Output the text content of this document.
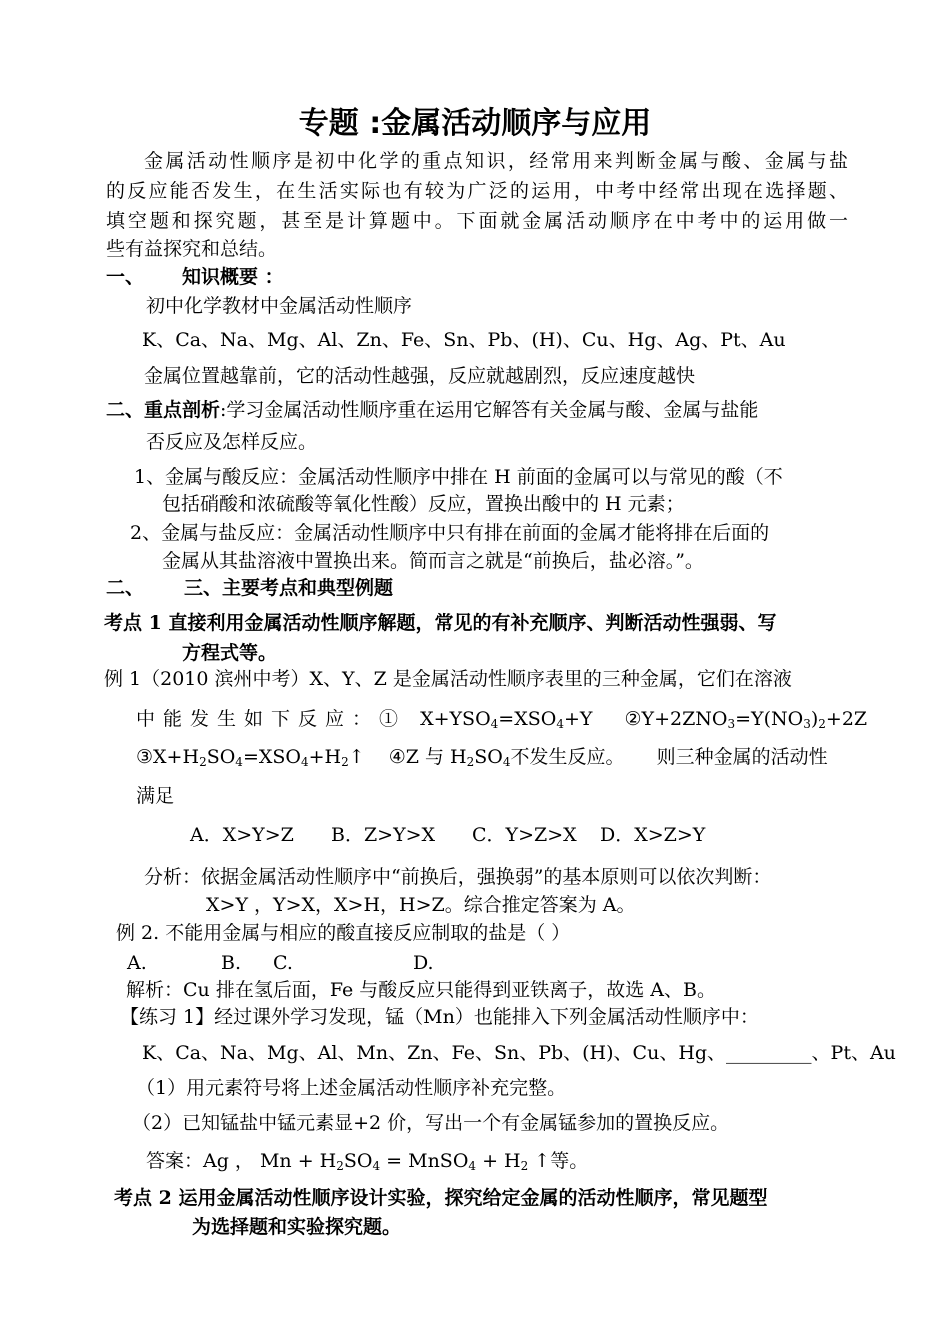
专题 :金属活动顺序与应用
金属活动性顺序是初中化学的重点知识，经常用来判断金属与酸、金属与盐
的反应能否发生，在生活实际也有较为广泛的运用，中考中经常出现在选择题、
填空题和探究题，甚至是计算题中。下面就金属活动顺序在中考中的运用做一
些有益探究和总结。
一、 知识概要 ：
初中化学教材中金属活动性顺序
K、Ca、Na、Mg、Al、Zn、Fe、Sn、Pb、(H)、Cu、Hg、Ag、Pt、Au
金属位置越靠前，它的活动性越强，反应就越剧烈，反应速度越快
二、重点剖析:学习金属活动性顺序重在运用它解答有关金属与酸、金属与盐能
否反应及怎样反应。
1、金属与酸反应：金属活动性顺序中排在 H 前面的金属可以与常见的酸（不
包括硝酸和浓硫酸等氧化性酸）反应，置换出酸中的 H 元素；
2、金属与盐反应：金属活动性顺序中只有排在前面的金属才能将排在后面的
金属从其盐溶液中置换出来。简而言之就是“前换后，盐必溶。”。
二、 三、主要考点和典型例题
考点 1 直接利用金属活动性顺序解题，常见的有补充顺序、判断活动性强弱、写
方程式等。
例 1（2010 滨州中考）X、Y、Z 是金属活动性顺序表里的三种金属，它们在溶液
中能发生如下反应：① $X+YSO_4=XSO_4+Y$ $②Y+2ZNO_3=Y(NO_3)_2+2Z$
$③X+H_2SO_4=XSO_4+H_2↑$ ④Z 与 $H_2SO_4$不发生反应。 则三种金属的活动性
满足
A．X>Y>Z B．Z>Y>X C．Y>Z>X D．X>Z>Y
分析：依据金属活动性顺序中“前换后，强换弱”的基本原则可以依次判断：
X>Y ，Y>X，X>H，H>Z。综合推定答案为 A。
例 2. 不能用金属与相应的酸直接反应制取的盐是（ ）
A.	B. C.	D.
解析：Cu 排在氢后面，Fe 与酸反应只能得到亚铁离子，故选 A、B。
【练习 1】经过课外学习发现，锰（Mn）也能排入下列金属活动性顺序中：
K、Ca、Na、Mg、Al、Mn、Zn、Fe、Sn、Pb、(H)、Cu、Hg、_________、Pt、Au
（1）用元素符号将上述金属活动性顺序补充完整。
（2）已知锰盐中锰元素显+2 价，写出一个有金属锰参加的置换反应。
答案：Ag ， $Mn + H_2SO_4$ = MnSO$_4$ + $H_2$ ↑等。
考点 2 运用金属活动性顺序设计实验，探究给定金属的活动性顺序，常见题型
为选择题和实验探究题。
